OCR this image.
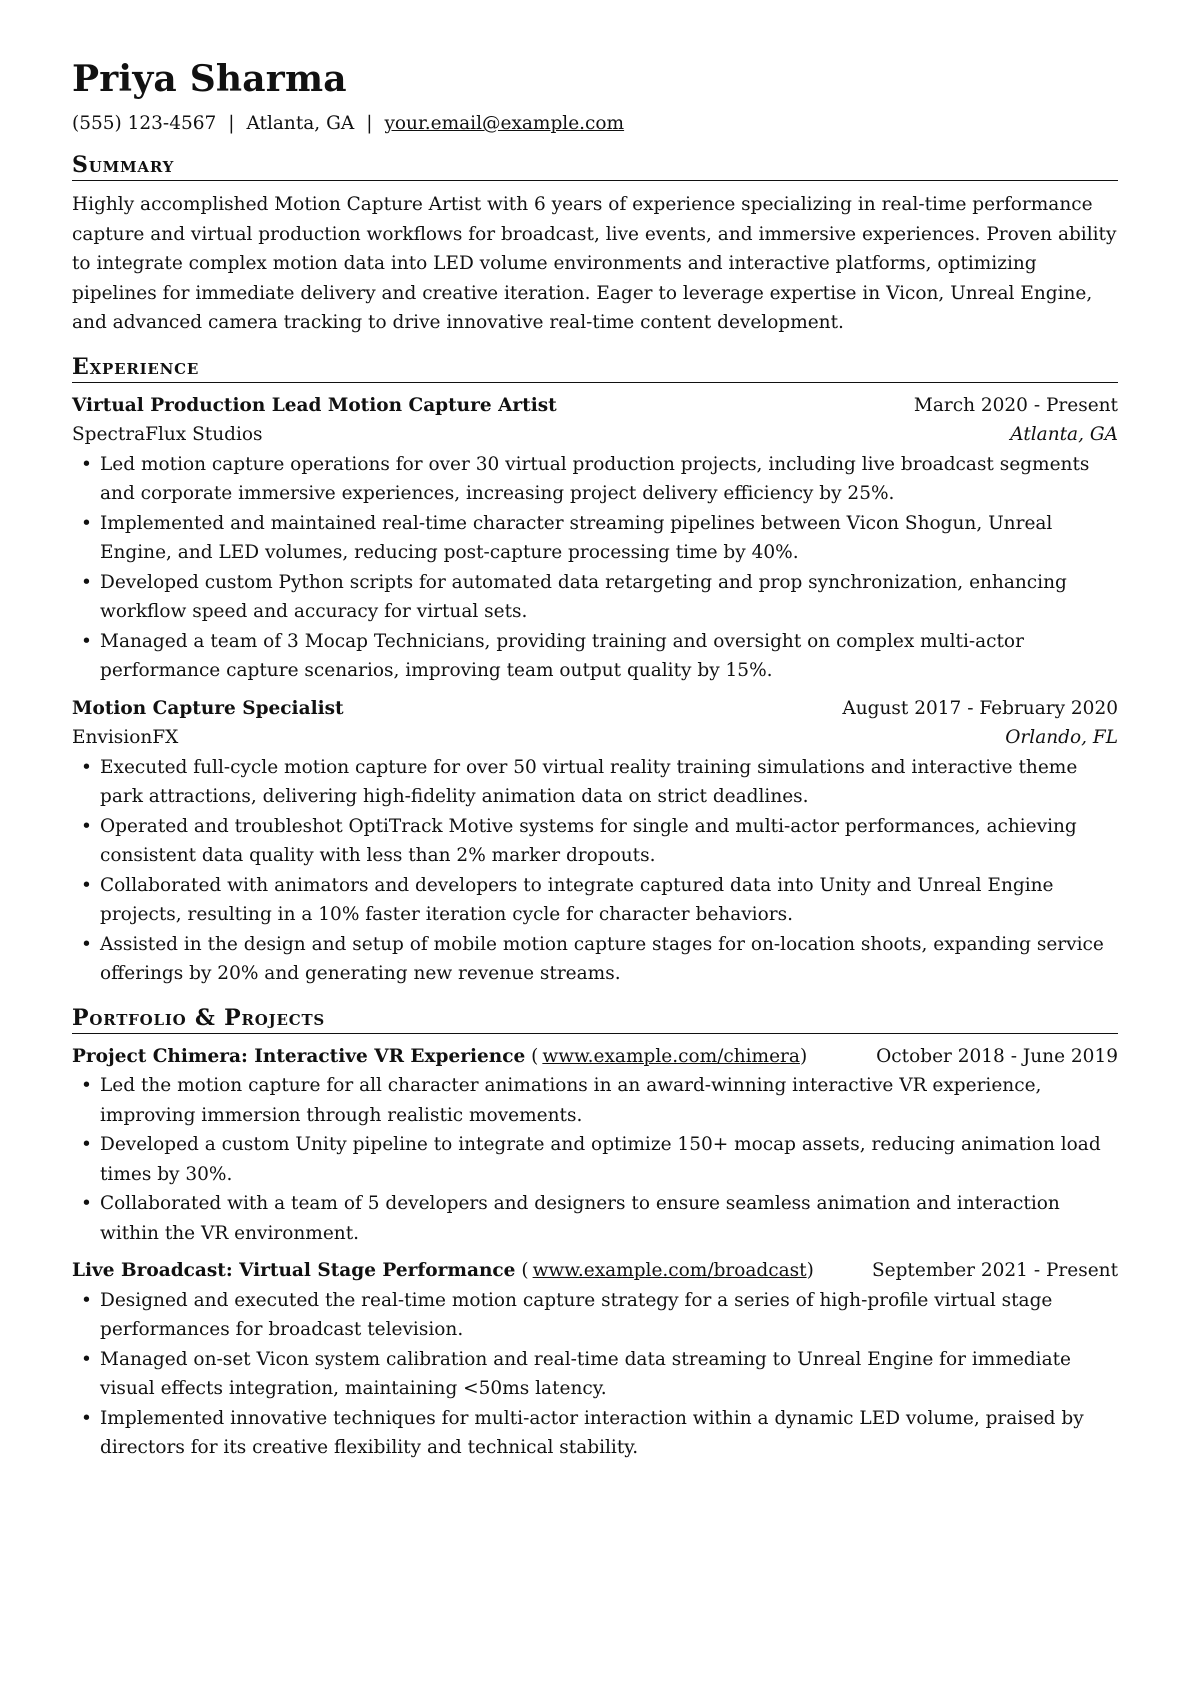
Priya Sharma
(555) 123-4567 | Atlanta, GA | your.email@example.com
Summary

Highly accomplished Motion Capture Artist with 6 years of experience specializing in real-time performance capture and virtual production workflows for broadcast, live events, and immersive experiences. Proven ability to integrate complex motion data into LED volume environments and interactive platforms, optimizing pipelines for immediate delivery and creative iteration. Eager to leverage expertise in Vicon, Unreal Engine, and advanced camera tracking to drive innovative real-time content development.

Experience
Virtual Production Lead Motion Capture Artist	March 2020 - Present
SpectraFlux Studios	Atlanta, GA
• Led motion capture operations for over 30 virtual production projects, including live broadcast segments and corporate immersive experiences, increasing project delivery efficiency by 25%.
• Implemented and maintained real-time character streaming pipelines between Vicon Shogun, Unreal Engine, and LED volumes, reducing post-capture processing time by 40%.
• Developed custom Python scripts for automated data retargeting and prop synchronization, enhancing workflow speed and accuracy for virtual sets.
• Managed a team of 3 Mocap Technicians, providing training and oversight on complex multi-actor performance capture scenarios, improving team output quality by 15%.
Motion Capture Specialist	August 2017 - February 2020
EnvisionFX	Orlando, FL
• Executed full-cycle motion capture for over 50 virtual reality training simulations and interactive theme park attractions, delivering high-fidelity animation data on strict deadlines.
• Operated and troubleshot OptiTrack Motive systems for single and multi-actor performances, achieving consistent data quality with less than 2% marker dropouts.
• Collaborated with animators and developers to integrate captured data into Unity and Unreal Engine projects, resulting in a 10% faster iteration cycle for character behaviors.
• Assisted in the design and setup of mobile motion capture stages for on-location shoots, expanding service offerings by 20% and generating new revenue streams.
Portfolio & Projects
Project Chimera: Interactive VR Experience ( www.example.com/chimera)	October 2018 - June 2019
• Led the motion capture for all character animations in an award-winning interactive VR experience, improving immersion through realistic movements.
• Developed a custom Unity pipeline to integrate and optimize 150+ mocap assets, reducing animation load times by 30%.
• Collaborated with a team of 5 developers and designers to ensure seamless animation and interaction within the VR environment.
Live Broadcast: Virtual Stage Performance ( www.example.com/broadcast)	September 2021 - Present
• Designed and executed the real-time motion capture strategy for a series of high-profile virtual stage performances for broadcast television.
• Managed on-set Vicon system calibration and real-time data streaming to Unreal Engine for immediate visual effects integration, maintaining <50ms latency.
• Implemented innovative techniques for multi-actor interaction within a dynamic LED volume, praised by directors for its creative flexibility and technical stability.
